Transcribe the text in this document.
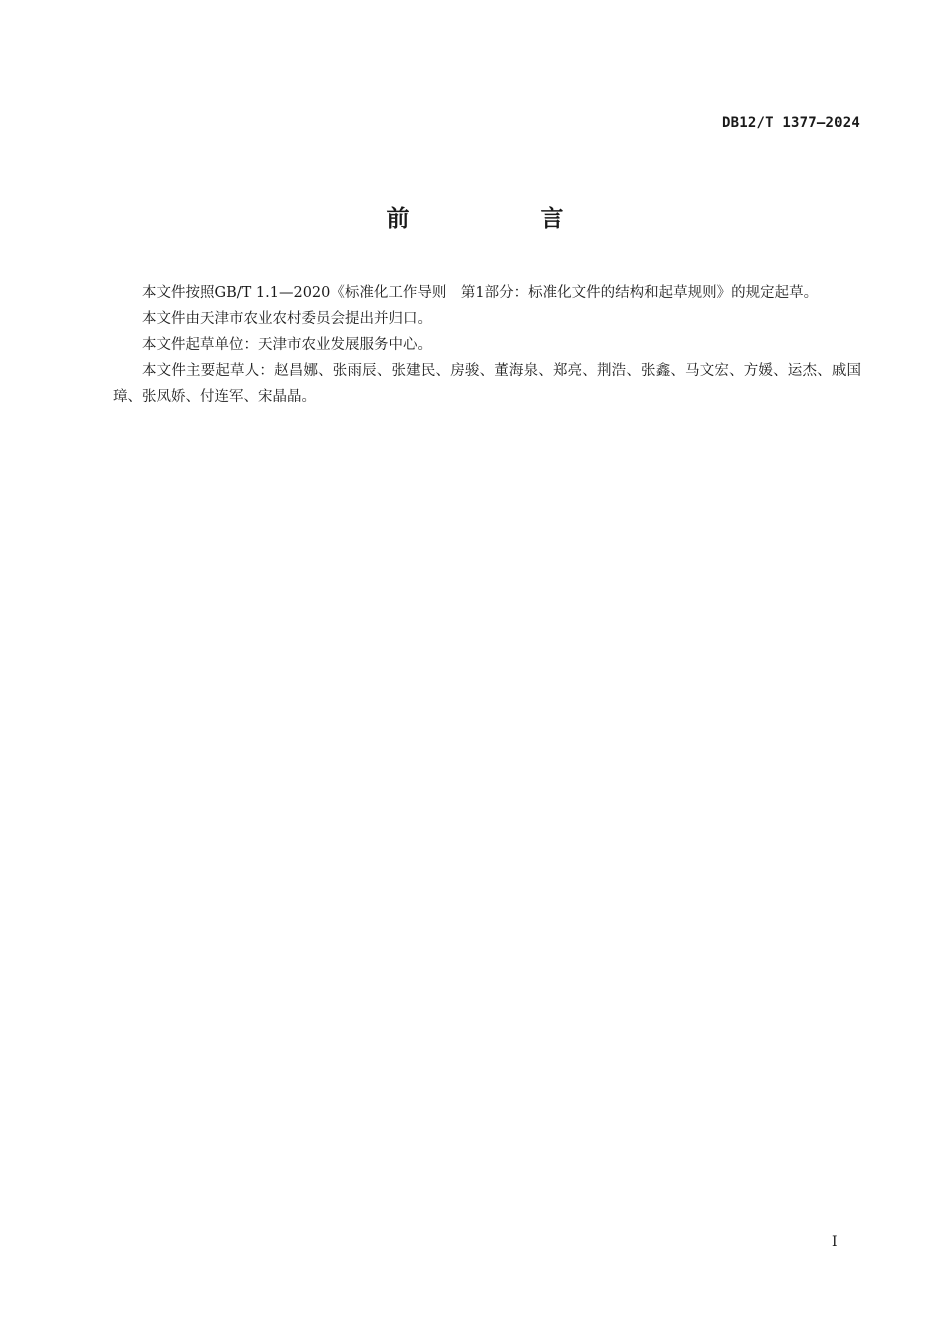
DB12/T 1377—2024
前　言

本文件按照GB/T 1.1—2020《标准化工作导则　第1部分：标准化文件的结构和起草规则》的规定起草。

本文件由天津市农业农村委员会提出并归口。

本文件起草单位：天津市农业发展服务中心。

本文件主要起草人：赵昌娜、张雨辰、张建民、房骏、董海泉、郑亮、荆浩、张鑫、马文宏、方媛、运杰、戚国璋、张凤娇、付连军、宋晶晶。

I
